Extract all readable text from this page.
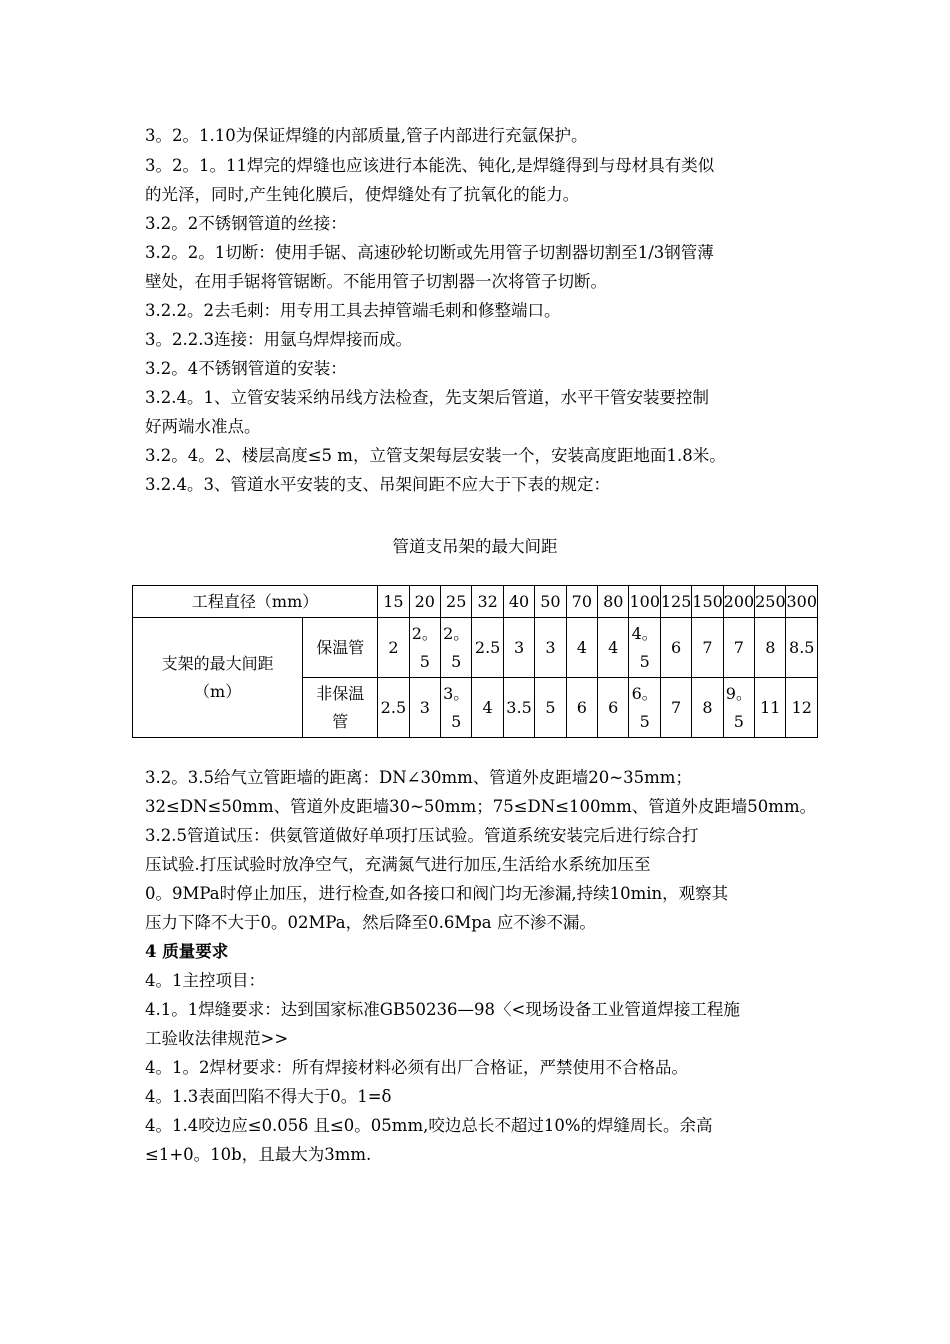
3。2。1.10为保证焊缝的内部质量,管子内部进行充氩保护。
3。2。1。11焊完的焊缝也应该进行本能洗、钝化,是焊缝得到与母材具有类似
的光泽，同时,产生钝化膜后，使焊缝处有了抗氧化的能力。
3.2。2不锈钢管道的丝接：
3.2。2。1切断：使用手锯、高速砂轮切断或先用管子切割器切割至1/3钢管薄
壁处，在用手锯将管锯断。不能用管子切割器一次将管子切断。
3.2.2。2去毛刺：用专用工具去掉管端毛刺和修整端口。
3。2.2.3连接：用氩乌焊焊接而成。
3.2。4不锈钢管道的安装：
3.2.4。1、立管安装采纳吊线方法检查，先支架后管道，水平干管安装要控制
好两端水准点。
3.2。4。2、楼层高度≤5 m，立管支架每层安装一个，安装高度距地面1.8米。
3.2.4。3、管道水平安装的支、吊架间距不应大于下表的规定：
管道支吊架的最大间距
工程直径（mm）		15	20	25	32	40	50	70	80	100	125	150	200	250	300
支架的最大间距（m）	保温管	2	2。5	2。5	2.5	3	3	4	4	4。5	6	7	7	8	8.5
	非保温管	2.5	3	3。5	4	3.5	5	6	6	6。5	7	8	9。5	11	12
3.2。3.5给气立管距墙的距离：DN∠30mm、管道外皮距墙20~35mm；
32≤DN≤50mm、管道外皮距墙30~50mm；75≤DN≤100mm、管道外皮距墙50mm。
3.2.5管道试压：供氨管道做好单项打压试验。管道系统安装完后进行综合打
压试验.打压试验时放净空气，充满氮气进行加压,生活给水系统加压至
0。9MPa时停止加压，进行检查,如各接口和阀门均无渗漏,持续10min，观察其
压力下降不大于0。02MPa，然后降至0.6Mpa 应不渗不漏。
4 质量要求
4。1主控项目：
4.1。1焊缝要求：达到国家标准GB50236—98〈<现场设备工业管道焊接工程施
工验收法律规范>>
4。1。2焊材要求：所有焊接材料必须有出厂合格证，严禁使用不合格品。
4。1.3表面凹陷不得大于0。1=δ
4。1.4咬边应≤0.05δ 且≤0。05mm,咬边总长不超过10%的焊缝周长。余高
≤1+0。10b，且最大为3mm.
